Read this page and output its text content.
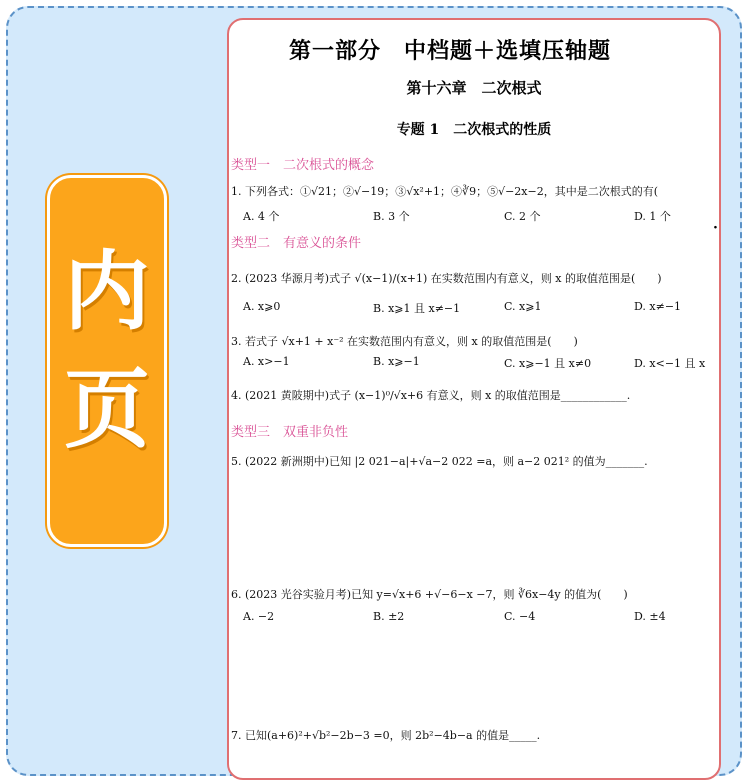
内页
第一部分　中档题＋选填压轴题
第十六章　二次根式
专题 1　二次根式的性质
类型一　二次根式的概念
1. 下列各式：①√21；②√−19；③√x²+1；④∛9；⑤√−2x−2，其中是二次根式的有(
A. 4 个	B. 3 个	C. 2 个	D. 1 个
·
类型二　有意义的条件
2. (2023 华源月考)式子 √(x−1)/(x+1) 在实数范围内有意义，则 x 的取值范围是(　　)
A. x⩾0	B. x⩾1 且 x≠−1	C. x⩾1	D. x≠−1
3. 若式子 √x+1 + x⁻² 在实数范围内有意义，则 x 的取值范围是(　　)
A. x>−1	B. x⩾−1	C. x⩾−1 且 x≠0	D. x<−1 且 x
4. (2021 黄陂期中)式子 (x−1)⁰/√x+6 有意义，则 x 的取值范围是____________.
类型三　双重非负性
5. (2022 新洲期中)已知 |2 021−a|+√a−2 022 =a，则 a−2 021² 的值为_______.
6. (2023 光谷实验月考)已知 y=√x+6 +√−6−x −7，则 ∛6x−4y 的值为(　　)
A. −2	B. ±2	C. −4	D. ±4
7. 已知(a+6)²+√b²−2b−3 =0，则 2b²−4b−a 的值是_____.
